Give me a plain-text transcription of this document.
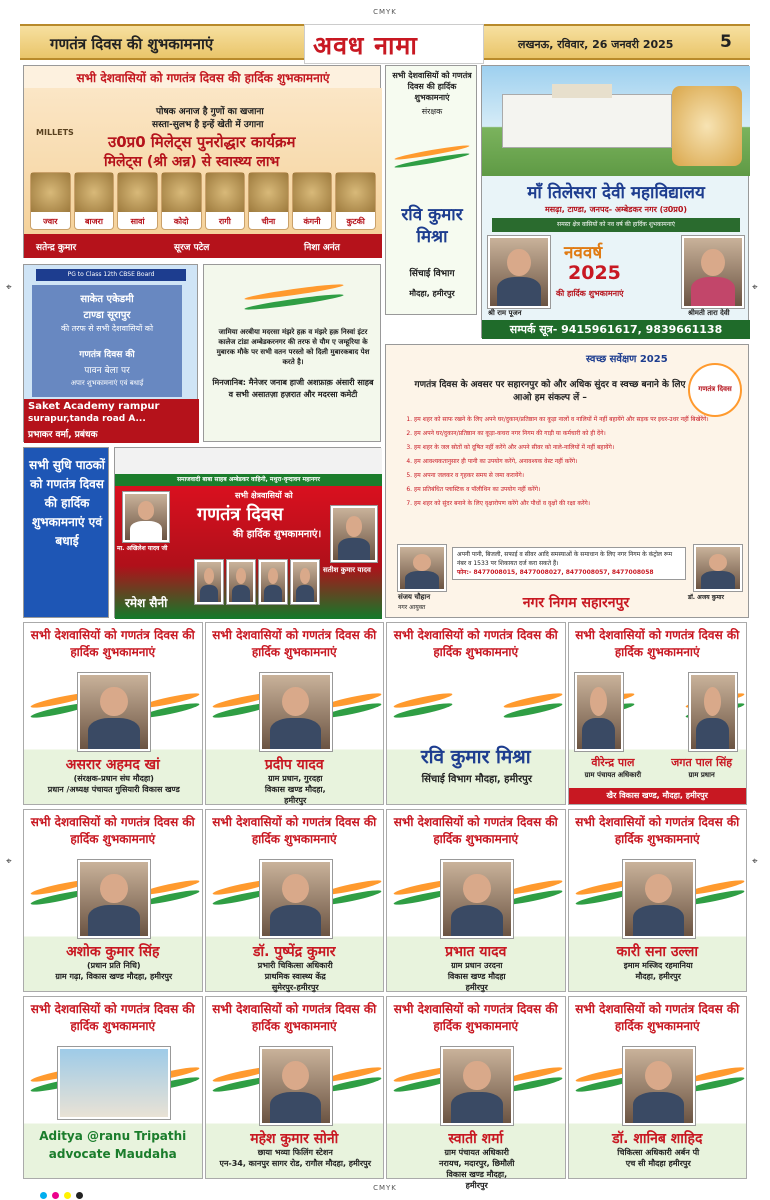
CMYK
CMYK
⌖	⌖
⌖	⌖
गणतंत्र दिवस की शुभकामनाएं	अवध नामा	लखनऊ, रविवार, 26 जनवरी 2025	5
सभी देशवासियों को गणतंत्र दिवस की हार्दिक शुभकामनाएं
पोषक अनाज है गुणों का खजाना
सस्ता-सुलभ है इन्हें खेती में उगाना
MILLETS
उ0प्र0 मिलेट्स पुनरोद्धार कार्यक्रम
मिलेट्स (श्री अन्न) से स्वास्थ्य लाभ
ज्वार	बाजरा	सावां	कोदो	रागी	चीना	कंगनी	कुटकी
सतेन्द्र कुमार	सूरज पटेल	निशा अनंत
सभी देशवासियों को गणतंत्र दिवस की हार्दिक शुभकामनाएं
संरक्षक
रवि कुमार मिश्रा
सिंचाई विभाग
मौदहा, हमीरपुर
माँ तिलेसरा देवी महाविद्यालय
मसढ़ा, टाण्डा, जनपद- अम्बेडकर नगर (उ0प्र0)
समस्त क्षेत्र वासियों को नव वर्ष की हार्दिक शुभकामनाएं
नववर्ष
2025
की हार्दिक शुभकामनाएं
श्री राम पूजन	श्रीमती तारा देवी
सम्पर्क सूत्र- 9415961617, 9839661138
PG to Class 12th CBSE Board
साकेत एकेडमी
टाण्डा सूरापुर
की तरफ से सभी देशवासियों को
गणतंत्र दिवस की
पावन बेला पर
अपार शुभकामनाएं एवं बधाई
Saket Academy rampur
surapur,tanda road A...
प्रभाकर वर्मा, प्रबंधक
जामिया अरबीया मदरसा मंझरे हक़ व मंझरे हक़ निस्वां इंटर कालेज टांडा अम्बेडकरनगर की तरफ से यौम ए जम्हूरिया के मुबारक मौके पर सभी वतन परस्तो को दिली मुबारकबाद पेश करते है।
मिनजानिब: मैनेजर जनाब हाजी अशफ़ाक़ अंसारी साहब व सभी असातज़ा हज़रात और मदरसा कमेटी
स्वच्छ सर्वेक्षण 2025
गणतंत्र दिवस
गणतंत्र दिवस के अवसर पर सहारनपुर को और अधिक सुंदर व स्वच्छ बनाने के लिए आओ हम संकल्प लें –
1. हम शहर को साफ रखने के लिए अपने घर/दुकान/प्रतिष्ठान का कूड़ा नालों व नालियों में नहीं बहायेंगे और सड़क पर इधर-उधर नहीं बिखेरेंगे।
2. हम अपने घर/दुकान/प्रतिष्ठान का कूड़ा-कचरा नगर निगम की गाड़ी या कर्मचारी को ही देंगे।
3. हम शहर के जल स्रोतों को दूषित नहीं करेंगे और अपने सीवर को नाले-नालियों में नहीं बहायेंगे।
4. हम आवश्यकतानुसार ही पानी का उपयोग करेंगे, अनावश्यक वेस्ट नहीं करेंगे।
5. हम अपना जलकर व गृहकर समय से जमा करायेंगे।
6. हम प्रतिबंधित प्लास्टिक व पॉलीथिन का उपयोग नहीं करेंगे।
7. हम शहर को सुंदर बनाने के लिए वृक्षारोपण करेंगे और पौधों व वृक्षों की रक्षा करेंगे।
अपनी पानी, बिजली, सफाई व सीवर आदि समस्याओं के समाधान के लिए नगर निगम के कंट्रोल रूम नंबर व 1533 पर शिकायत दर्ज करा सकते हैं।
फोन:- 8477008015, 8477008027, 8477008057, 8477008058
संजय चौहान
नगर आयुक्त
डॉ. अजय कुमार
नगर निगम सहारनपुर
सभी सुधि पाठकों को गणतंत्र दिवस की हार्दिक शुभकामनाएं एवं बधाई
समाजवादी बाबा साहब अम्बेडकर वाहिनी, मथुरा-वृन्दावन महानगर
सभी क्षेत्रवासियों को
गणतंत्र दिवस
की हार्दिक शुभकामनाएं।
मा. अखिलेश यादव जी
सतीश कुमार यादव
रमेश सैनी
सभी देशवासियों को गणतंत्र दिवस की हार्दिक शुभकामनाएं
असरार अहमद खां
(संरक्षक-प्रधान संघ मौदहा)
प्रधान /अध्यक्ष पंचायत गुसियारी विकास खण्ड
सभी देशवासियों को गणतंत्र दिवस की हार्दिक शुभकामनाएं
प्रदीप यादव
ग्राम प्रधान, गुरदहा
विकास खण्ड मौदहा,
हमीरपुर
सभी देशवासियों को गणतंत्र दिवस की हार्दिक शुभकामनाएं
रवि कुमार मिश्रा
सिंचाई विभाग मौदहा, हमीरपुर
सभी देशवासियों को गणतंत्र दिवस की हार्दिक शुभकामनाएं
वीरेन्द्र पाल	जगत पाल सिंह
ग्राम पंचायत अधिकारी	ग्राम प्रधान
खैर विकास खण्ड, मौदहा, हमीरपुर
सभी देशवासियों को गणतंत्र दिवस की हार्दिक शुभकामनाएं
अशोक कुमार सिंह
(प्रधान प्रति निधि)
ग्राम गढ़ा, विकास खण्ड मौदहा, हमीरपुर
सभी देशवासियों को गणतंत्र दिवस की हार्दिक शुभकामनाएं
डॉ. पुष्पेंद्र कुमार
प्रभारी चिकित्सा अधिकारी
प्राथमिक स्वास्थ्य केंद्र
सुमेरपुर-हमीरपुर
सभी देशवासियों को गणतंत्र दिवस की हार्दिक शुभकामनाएं
प्रभात यादव
ग्राम प्रधान उरदना
विकास खण्ड मौदहा
हमीरपुर
सभी देशवासियों को गणतंत्र दिवस की हार्दिक शुभकामनाएं
कारी सना उल्ला
इमाम मस्जिद रहमानिया
मौदहा, हमीरपुर
सभी देशवासियों को गणतंत्र दिवस की हार्दिक शुभकामनाएं
Aditya @ranu Tripathi
advocate Maudaha
सभी देशवासियों को गणतंत्र दिवस की हार्दिक शुभकामनाएं
महेश कुमार सोनी
छाया भव्या फिलिंग स्टेशन
एन-34, कानपुर सागर रोड, रागौल मौदहा, हमीरपुर
सभी देशवासियों को गणतंत्र दिवस की हार्दिक शुभकामनाएं
स्वाती शर्मा
ग्राम पंचायत अधिकारी
नरायच, मदारपुर, छिमौली
विकास खण्ड मौदहा,
हमीरपुर
सभी देशवासियों को गणतंत्र दिवस की हार्दिक शुभकामनाएं
डॉ. शानिब शाहिद
चिकित्सा अधिकारी अर्बन पी
एच सी मौदहा हमीरपुर
